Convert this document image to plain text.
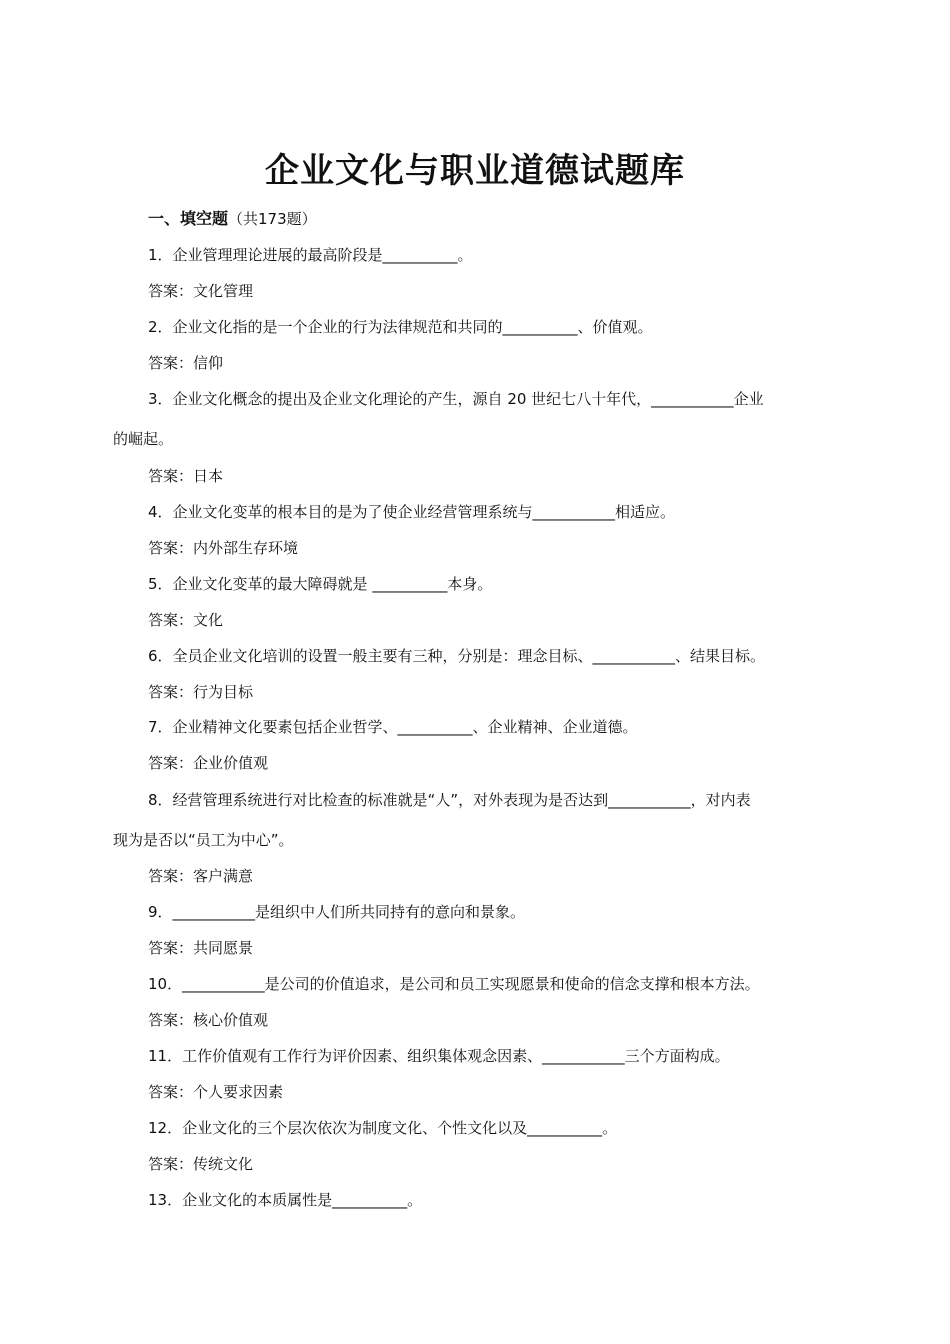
企业文化与职业道德试题库
一、填空题（共173题）
1．企业管理理论进展的最高阶段是__________。
答案：文化管理
2．企业文化指的是一个企业的行为法律规范和共同的__________、价值观。
答案：信仰
3．企业文化概念的提出及企业文化理论的产生，源自 20 世纪七八十年代，___________企业
的崛起。
答案：日本
4．企业文化变革的根本目的是为了使企业经营管理系统与___________相适应。
答案：内外部生存环境
5．企业文化变革的最大障碍就是 __________本身。
答案：文化
6．全员企业文化培训的设置一般主要有三种，分别是：理念目标、___________、结果目标。
答案：行为目标
7．企业精神文化要素包括企业哲学、__________、企业精神、企业道德。
答案：企业价值观
8．经营管理系统进行对比检查的标准就是“人”，对外表现为是否达到___________，对内表
现为是否以“员工为中心”。
答案：客户满意
9．___________是组织中人们所共同持有的意向和景象。
答案：共同愿景
10．___________是公司的价值追求，是公司和员工实现愿景和使命的信念支撑和根本方法。
答案：核心价值观
11．工作价值观有工作行为评价因素、组织集体观念因素、___________三个方面构成。
答案：个人要求因素
12．企业文化的三个层次依次为制度文化、个性文化以及__________。
答案：传统文化
13．企业文化的本质属性是__________。
